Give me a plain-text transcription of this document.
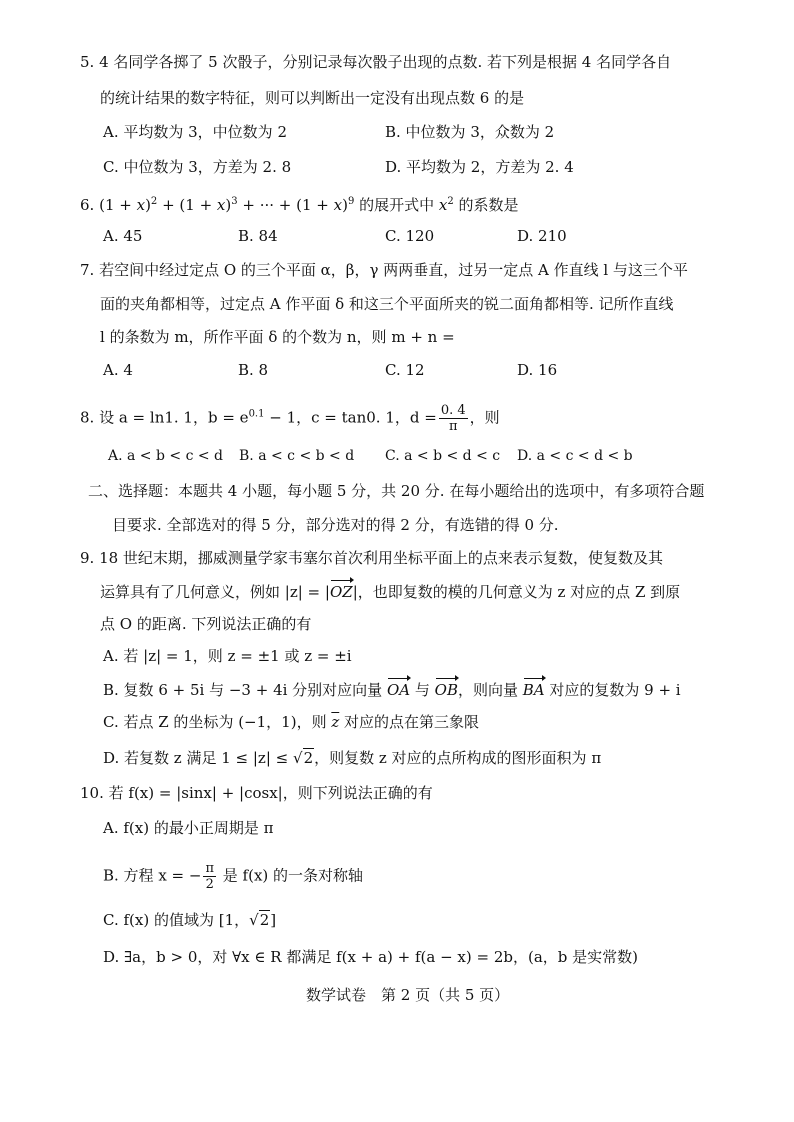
5. 4 名同学各掷了 5 次骰子，分别记录每次骰子出现的点数. 若下列是根据 4 名同学各自
的统计结果的数字特征，则可以判断出一定没有出现点数 6 的是
A. 平均数为 3，中位数为 2	B. 中位数为 3，众数为 2
C. 中位数为 3，方差为 2. 8	D. 平均数为 2，方差为 2. 4
6. $(1 + x)^2 + (1 + x)^3$ + ··· + $(1 + x)^9$ 的展开式中 $x^2$ 的系数是
A. 45	B. 84	C. 120	D. 210
7. 若空间中经过定点 O 的三个平面 α，β，γ 两两垂直，过另一定点 A 作直线 l 与这三个平
面的夹角都相等，过定点 A 作平面 δ 和这三个平面所夹的锐二面角都相等. 记所作直线
l 的条数为 m，所作平面 δ 的个数为 n，则 m + n =
A. 4	B. 8	C. 12	D. 16
8. 设 a = ln1. 1，$b = e^{0.1} - 1$，c = tan0. 1，$d = \frac{0. 4}{\pi}$ ，则
A. a < b < c < d B. a < c < b < d C. a < b < d < c D. a < c < d < b
二、选择题：本题共 4 小题，每小题 5 分，共 20 分. 在每小题给出的选项中，有多项符合题
目要求. 全部选对的得 5 分，部分选对的得 2 分，有选错的得 0 分.
9. 18 世纪末期，挪威测量学家韦塞尔首次利用坐标平面上的点来表示复数，使复数及其
运算具有了几何意义，例如 |z| = |OZ|，也即复数的模的几何意义为 z 对应的点 Z 到原
点 O 的距离. 下列说法正确的有
A. 若 |z| = 1，则 z = ±1 或 z = ±i
B. 复数 6 + 5i 与 −3 + 4i 分别对应向量 OA 与 OB，则向量 BA 对应的复数为 9 + i
C. 若点 Z 的坐标为 (−1，1)，则 $\overline{z}$ 对应的点在第三象限
D. 若复数 z 满足 1 ≤ |z| ≤ √2，则复数 z 对应的点所构成的图形面积为 π
10. 若 f(x) = |sinx| + |cosx|，则下列说法正确的有
A. f(x) 的最小正周期是 π
B. 方程 x = − $\frac{\pi}{2}$ 是 f(x) 的一条对称轴
C. f(x) 的值域为 [1，√2]
D. ∃a，b > 0，对 ∀x ∈ R 都满足 f(x + a) + f(a − x) = 2b，(a，b 是实常数)
数学试卷　第 2 页（共 5 页）
